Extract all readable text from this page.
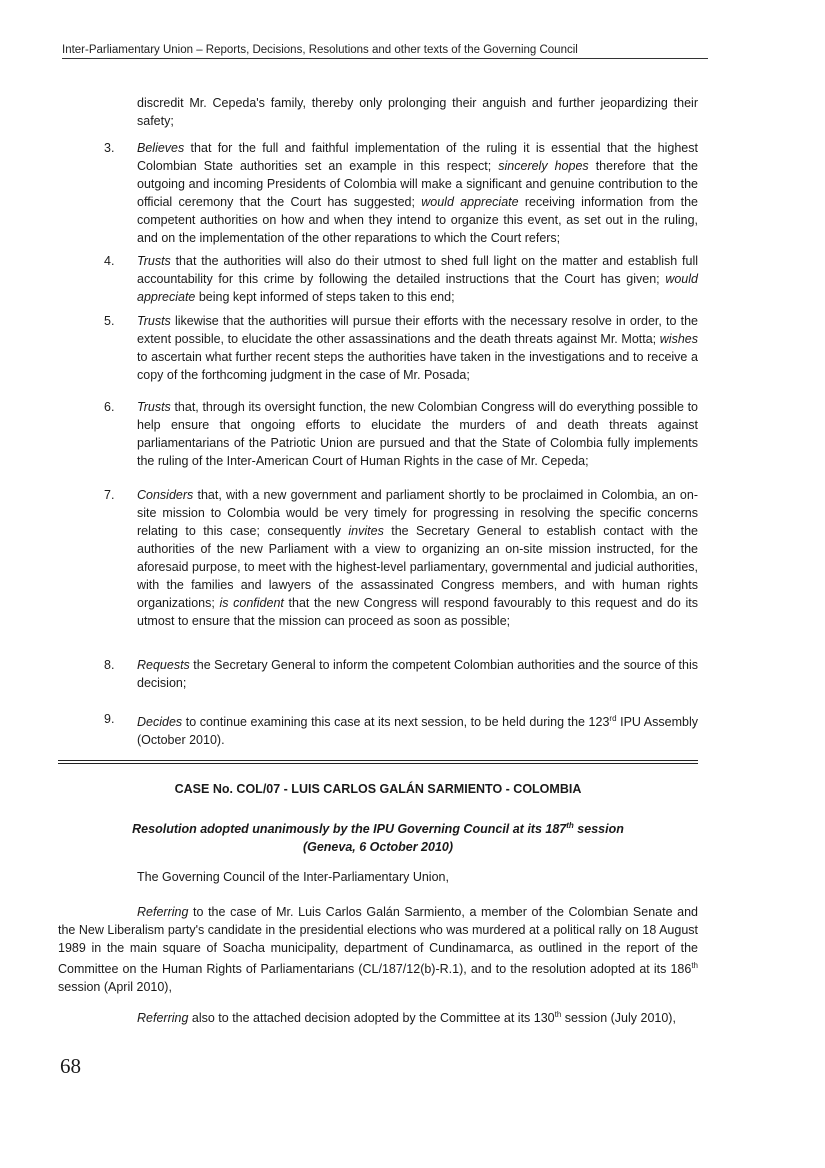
Inter-Parliamentary Union – Reports, Decisions, Resolutions and other texts of the Governing Council
discredit Mr. Cepeda's family, thereby only prolonging their anguish and further jeopardizing their safety;
3. Believes that for the full and faithful implementation of the ruling it is essential that the highest Colombian State authorities set an example in this respect; sincerely hopes therefore that the outgoing and incoming Presidents of Colombia will make a significant and genuine contribution to the official ceremony that the Court has suggested; would appreciate receiving information from the competent authorities on how and when they intend to organize this event, as set out in the ruling, and on the implementation of the other reparations to which the Court refers;
4. Trusts that the authorities will also do their utmost to shed full light on the matter and establish full accountability for this crime by following the detailed instructions that the Court has given; would appreciate being kept informed of steps taken to this end;
5. Trusts likewise that the authorities will pursue their efforts with the necessary resolve in order, to the extent possible, to elucidate the other assassinations and the death threats against Mr. Motta; wishes to ascertain what further recent steps the authorities have taken in the investigations and to receive a copy of the forthcoming judgment in the case of Mr. Posada;
6. Trusts that, through its oversight function, the new Colombian Congress will do everything possible to help ensure that ongoing efforts to elucidate the murders of and death threats against parliamentarians of the Patriotic Union are pursued and that the State of Colombia fully implements the ruling of the Inter-American Court of Human Rights in the case of Mr. Cepeda;
7. Considers that, with a new government and parliament shortly to be proclaimed in Colombia, an on-site mission to Colombia would be very timely for progressing in resolving the specific concerns relating to this case; consequently invites the Secretary General to establish contact with the authorities of the new Parliament with a view to organizing an on-site mission instructed, for the aforesaid purpose, to meet with the highest-level parliamentary, governmental and judicial authorities, with the families and lawyers of the assassinated Congress members, and with human rights organizations; is confident that the new Congress will respond favourably to this request and do its utmost to ensure that the mission can proceed as soon as possible;
8. Requests the Secretary General to inform the competent Colombian authorities and the source of this decision;
9. Decides to continue examining this case at its next session, to be held during the 123rd IPU Assembly (October 2010).
CASE No. COL/07 - LUIS CARLOS GALÁN SARMIENTO - COLOMBIA
Resolution adopted unanimously by the IPU Governing Council at its 187th session
(Geneva, 6 October 2010)
The Governing Council of the Inter-Parliamentary Union,
Referring to the case of Mr. Luis Carlos Galán Sarmiento, a member of the Colombian Senate and the New Liberalism party's candidate in the presidential elections who was murdered at a political rally on 18 August 1989 in the main square of Soacha municipality, department of Cundinamarca, as outlined in the report of the Committee on the Human Rights of Parliamentarians (CL/187/12(b)-R.1), and to the resolution adopted at its 186th session (April 2010),
Referring also to the attached decision adopted by the Committee at its 130th session (July 2010),
68
